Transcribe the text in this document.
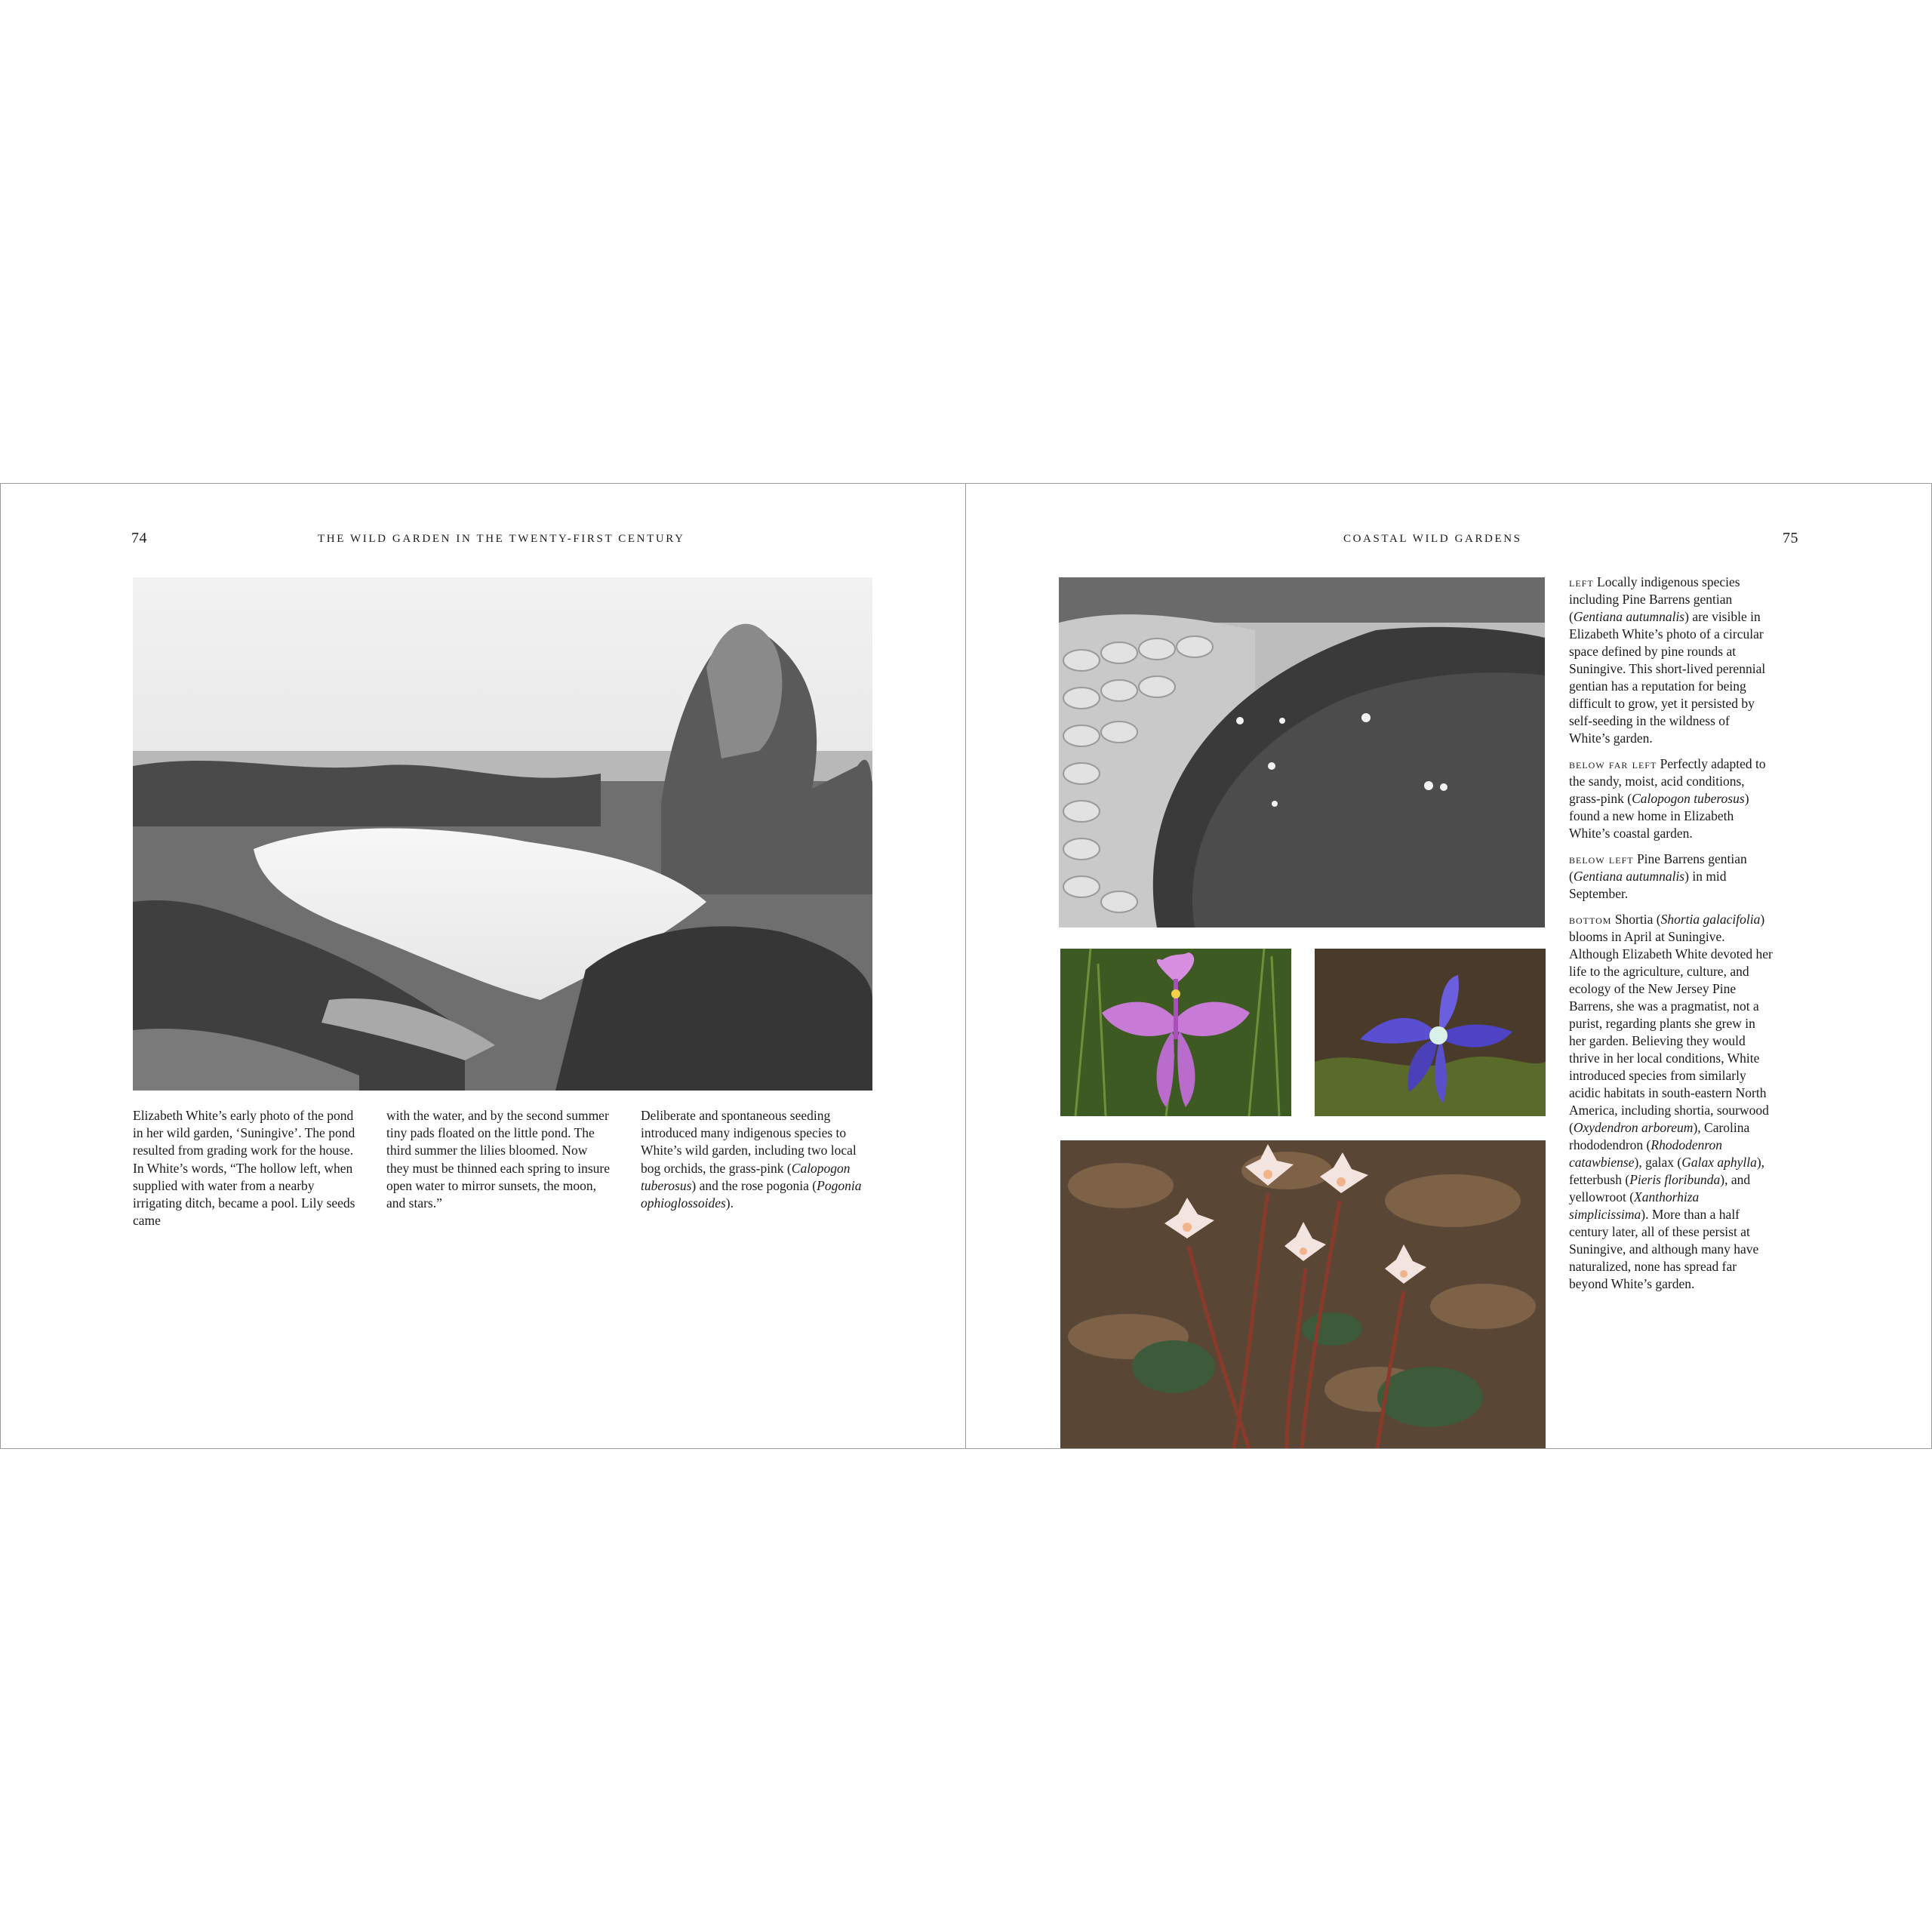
74	THE WILD GARDEN IN THE TWENTY-FIRST CENTURY
Elizabeth White’s early photo of the pond in her wild garden, ‘Suningive’. The pond resulted from grading work for the house. In White’s words, “The hollow left, when supplied with water from a nearby irrigating ditch, became a pool. Lily seeds came
with the water, and by the second summer tiny pads floated on the little pond. The third summer the lilies bloomed. Now they must be thinned each spring to insure open water to mirror sunsets, the moon, and stars.”
Deliberate and spontaneous seeding introduced many indigenous species to White’s wild garden, including two local bog orchids, the grass-pink (Calopogon tuberosus) and the rose pogonia (Pogonia ophioglossoides).
COASTAL WILD GARDENS	75

left Locally indigenous species including Pine Barrens gentian (Gentiana autumnalis) are visible in Elizabeth White’s photo of a circular space defined by pine rounds at Suningive. This short-lived perennial gentian has a reputation for being difficult to grow, yet it persisted by self-seeding in the wildness of White’s garden.

below far left Perfectly adapted to the sandy, moist, acid conditions, grass-pink (Calopogon tuberosus) found a new home in Elizabeth White’s coastal garden.

below left Pine Barrens gentian (Gentiana autumnalis) in mid September.

bottom Shortia (Shortia galacifolia) blooms in April at Suningive. Although Elizabeth White devoted her life to the agriculture, culture, and ecology of the New Jersey Pine Barrens, she was a pragmatist, not a purist, regarding plants she grew in her garden. Believing they would thrive in her local conditions, White introduced species from similarly acidic habitats in south-eastern North America, including shortia, sourwood (Oxydendron arboreum), Carolina rhododendron (Rhododenron catawbiense), galax (Galax aphylla), fetterbush (Pieris floribunda), and yellowroot (Xanthorhiza simplicissima). More than a half century later, all of these persist at Suningive, and although many have naturalized, none has spread far beyond White’s garden.
